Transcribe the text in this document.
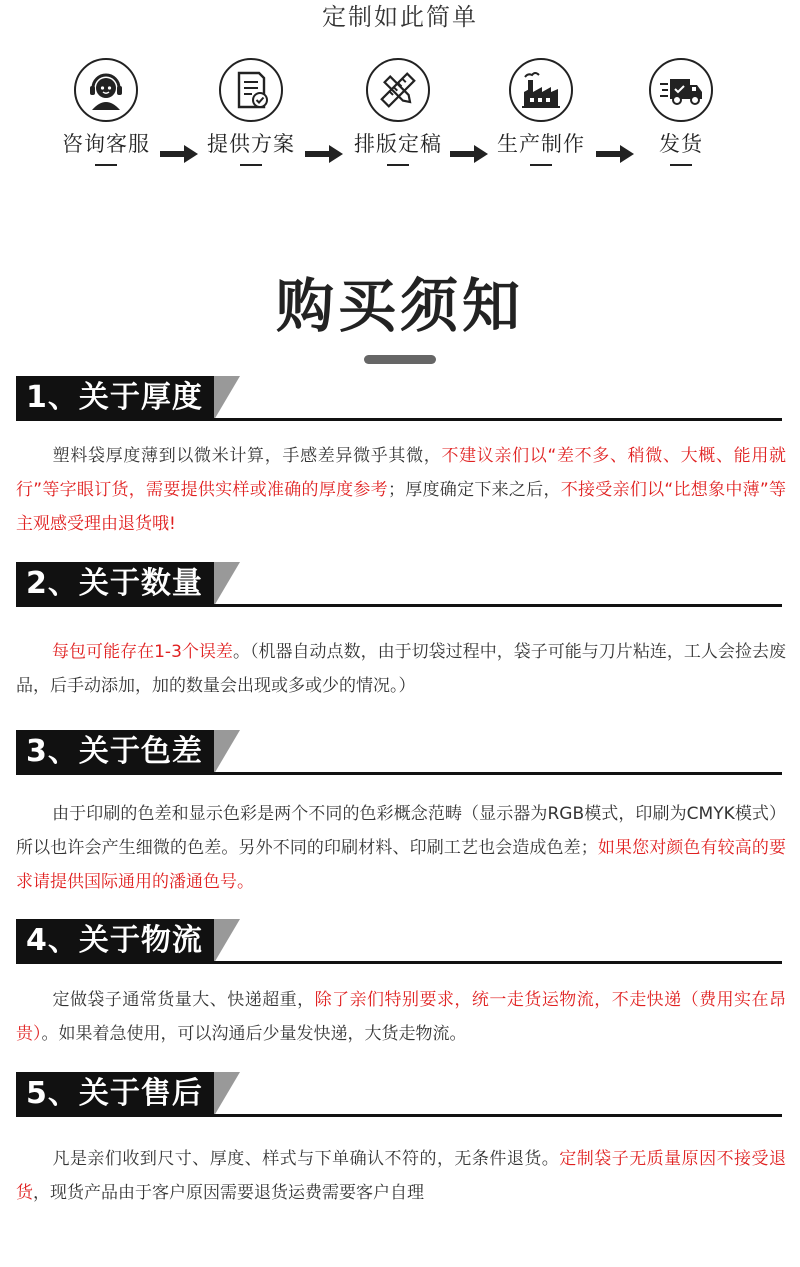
定制如此简单
咨询客服	提供方案	排版定稿	生产制作	发货
购买须知
1、关于厚度
塑料袋厚度薄到以微米计算，手感差异微乎其微，不建议亲们以“差不多、稍微、大概、能用就行”等字眼订货，需要提供实样或准确的厚度参考；厚度确定下来之后，不接受亲们以“比想象中薄”等主观感受理由退货哦!
2、关于数量
每包可能存在1-3个误差。（机器自动点数，由于切袋过程中，袋子可能与刀片粘连，工人会捡去废品，后手动添加，加的数量会出现或多或少的情况。）
3、关于色差
由于印刷的色差和显示色彩是两个不同的色彩概念范畴（显示器为RGB模式，印刷为CMYK模式）所以也许会产生细微的色差。另外不同的印刷材料、印刷工艺也会造成色差；如果您对颜色有较高的要求请提供国际通用的潘通色号。
4、关于物流
定做袋子通常货量大、快递超重，除了亲们特别要求，统一走货运物流，不走快递（费用实在昂贵）。如果着急使用，可以沟通后少量发快递，大货走物流。
5、关于售后
凡是亲们收到尺寸、厚度、样式与下单确认不符的，无条件退货。定制袋子无质量原因不接受退货，现货产品由于客户原因需要退货运费需要客户自理
